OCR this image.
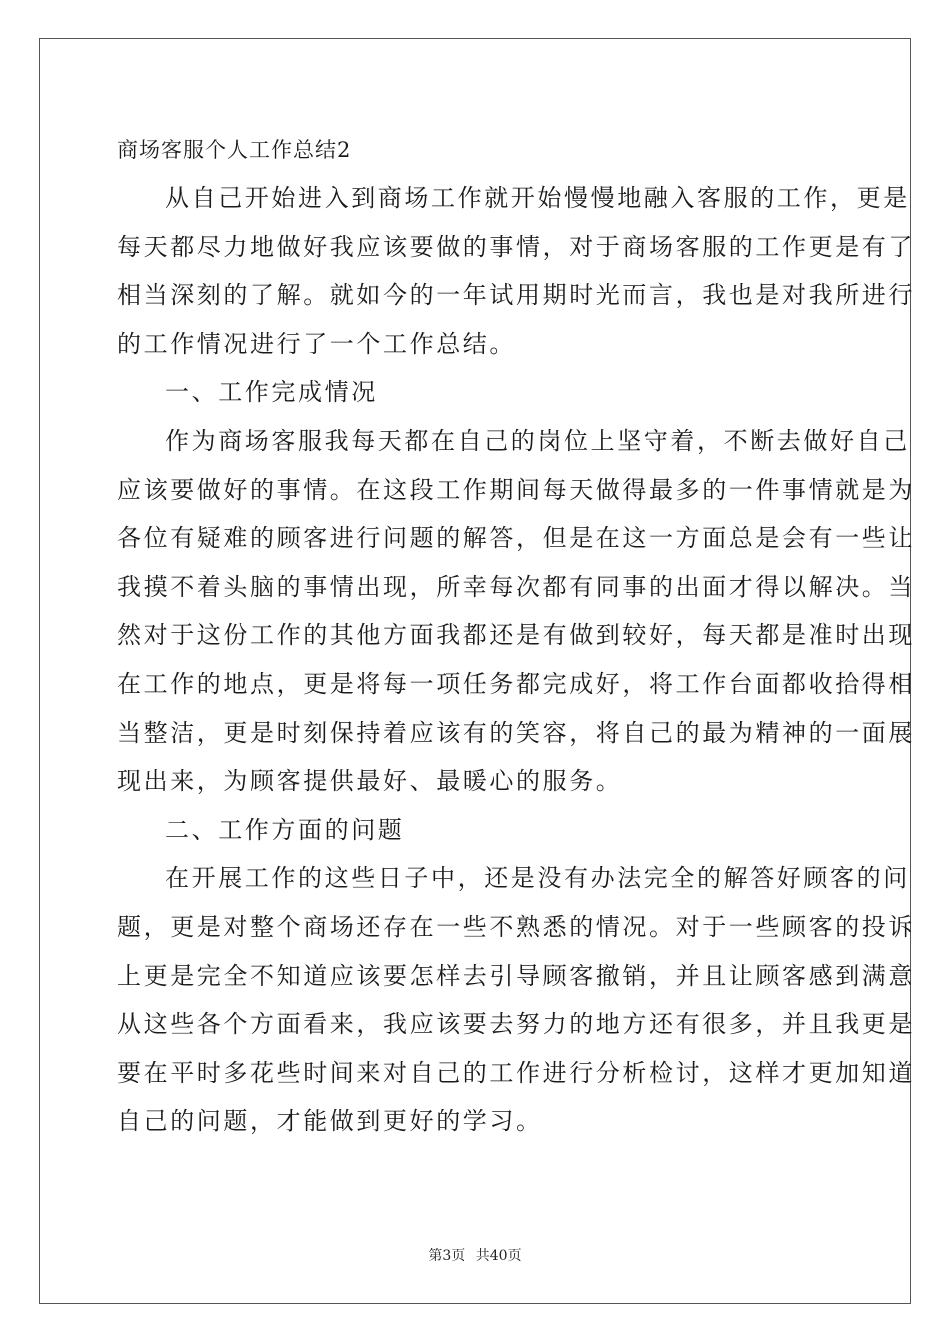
商场客服个人工作总结2
从自己开始进入到商场工作就开始慢慢地融入客服的工作，更是
每天都尽力地做好我应该要做的事情，对于商场客服的工作更是有了
相当深刻的了解。就如今的一年试用期时光而言，我也是对我所进行
的工作情况进行了一个工作总结。
一、工作完成情况
作为商场客服我每天都在自己的岗位上坚守着，不断去做好自己
应该要做好的事情。在这段工作期间每天做得最多的一件事情就是为
各位有疑难的顾客进行问题的解答，但是在这一方面总是会有一些让
我摸不着头脑的事情出现，所幸每次都有同事的出面才得以解决。当
然对于这份工作的其他方面我都还是有做到较好，每天都是准时出现
在工作的地点，更是将每一项任务都完成好，将工作台面都收拾得相
当整洁，更是时刻保持着应该有的笑容，将自己的最为精神的一面展
现出来，为顾客提供最好、最暖心的服务。
二、工作方面的问题
在开展工作的这些日子中，还是没有办法完全的解答好顾客的问
题，更是对整个商场还存在一些不熟悉的情况。对于一些顾客的投诉
上更是完全不知道应该要怎样去引导顾客撤销，并且让顾客感到满意
从这些各个方面看来，我应该要去努力的地方还有很多，并且我更是
要在平时多花些时间来对自己的工作进行分析检讨，这样才更加知道
自己的问题，才能做到更好的学习。
第3页 共40页
